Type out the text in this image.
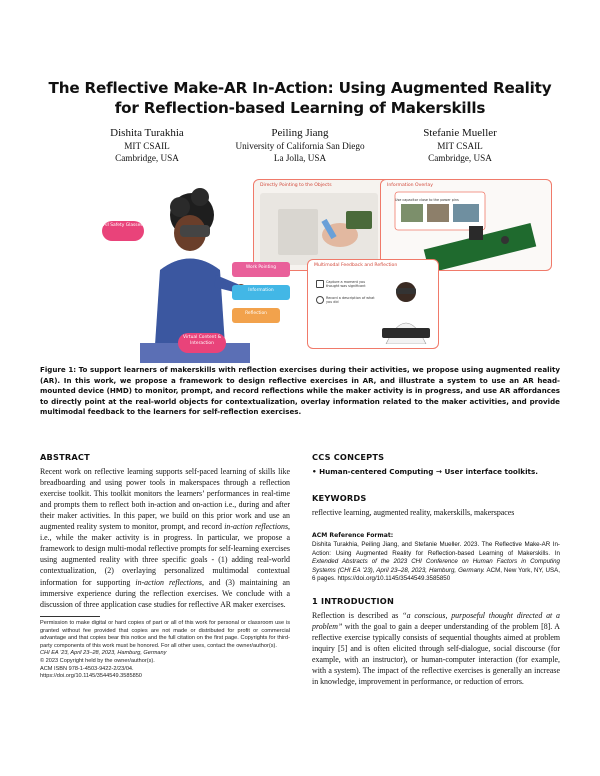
The Reflective Make-AR In-Action: Using Augmented Reality for Reflection-based Learning of Makerskills
Dishita Turakhia
MIT CSAIL
Cambridge, USA
Peiling Jiang
University of California San Diego
La Jolla, USA
Stefanie Mueller
MIT CSAIL
Cambridge, USA
Directly Pointing to the Objects	Information Overlay
Use capacitor close to the power pins
Multimodal Feedback and Reflection
Capture a moment you thought was significant
Record a description of what you did
All Safety Glasses
Virtual Content & Interaction
Work Pointing
Information
Reflection
Figure 1: To support learners of makerskills with reflection exercises during their activities, we propose using augmented reality (AR). In this work, we propose a framework to design reflective exercises in AR, and illustrate a system to use an AR head-mounted device (HMD) to monitor, prompt, and record reflections while the maker activity is in progress, and use AR affordances to directly point at the real-world objects for contextualization, overlay information related to the maker activities, and provide multimodal feedback to the learners for self-reflection exercises.
ABSTRACT
Recent work on reflective learning supports self-paced learning of skills like breadboarding and using power tools in makerspaces through a reflection exercise toolkit. This toolkit monitors the learners’ performances in real-time and prompts them to reflect both in-action and on-action i.e., during and after their maker activities. In this paper, we build on this prior work and use an augmented reality system to monitor, prompt, and record in-action reflections, i.e., while the maker activity is in progress. In particular, we propose a framework to design multi-modal reflective prompts for self-learning exercises using augmented reality with three specific goals - (1) adding real-world contextualization, (2) overlaying personalized multimodal contextual information for supporting in-action reflections, and (3) maintaining an immersive experience during the reflection exercises. We conclude with a discussion of three application case studies for reflective AR maker exercises.
Permission to make digital or hard copies of part or all of this work for personal or classroom use is granted without fee provided that copies are not made or distributed for profit or commercial advantage and that copies bear this notice and the full citation on the first page. Copyrights for third-party components of this work must be honored. For all other uses, contact the owner/author(s).
CHI EA ’23, April 23–28, 2023, Hamburg, Germany
© 2023 Copyright held by the owner/author(s).
ACM ISBN 978-1-4503-9422-2/23/04.
https://doi.org/10.1145/3544549.3585850
CCS CONCEPTS
• Human-centered Computing → User interface toolkits.
KEYWORDS
reflective learning, augmented reality, makerskills, makerspaces
ACM Reference Format:
Dishita Turakhia, Peiling Jiang, and Stefanie Mueller. 2023. The Reflective Make-AR In-Action: Using Augmented Reality for Reflection-based Learning of Makerskills. In Extended Abstracts of the 2023 CHI Conference on Human Factors in Computing Systems (CHI EA ’23), April 23–28, 2023, Hamburg, Germany. ACM, New York, NY, USA, 6 pages. https://doi.org/10.1145/3544549.3585850
1 INTRODUCTION
Reflection is described as “a conscious, purposeful thought directed at a problem” with the goal to gain a deeper understanding of the problem [8]. A reflective exercise typically consists of sequential thoughts aimed at problem inquiry [5] and is often elicited through self-dialogue, social discourse (for example, with an instructor), or human-computer interaction (for example, with a system). The impact of the reflective exercises is generally an increase in knowledge, improvement in performance, or reduction of errors.
